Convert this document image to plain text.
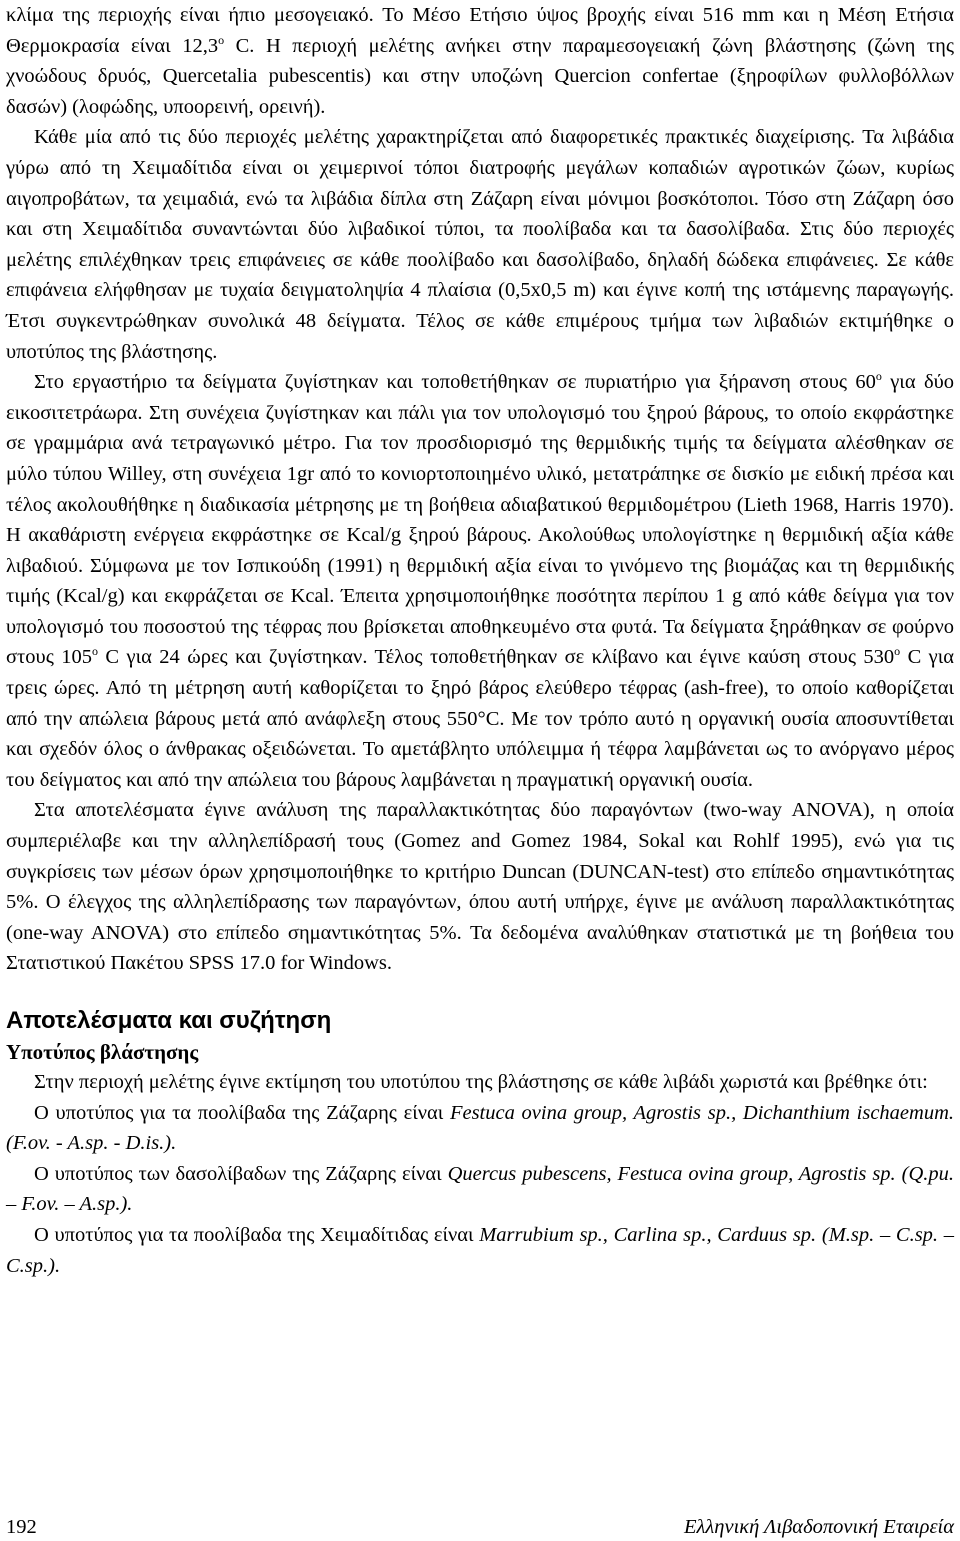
κλίμα της περιοχής είναι ήπιο μεσογειακό. Το Μέσο Ετήσιο ύψος βροχής είναι 516 mm και η Μέση Ετήσια Θερμοκρασία είναι $12,3^o$ C. Η περιοχή μελέτης ανήκει στην παραμεσογειακή ζώνη βλάστησης (ζώνη της χνοώδους δρυός, Quercetalia pubescentis) και στην υποζώνη Quercion confertae (ξηροφίλων φυλλοβόλλων δασών) (λοφώδης, υποορεινή, ορεινή).

Κάθε μία από τις δύο περιοχές μελέτης χαρακτηρίζεται από διαφορετικές πρακτικές διαχείρισης. Τα λιβάδια γύρω από τη Χειμαδίτιδα είναι οι χειμερινοί τόποι διατροφής μεγάλων κοπαδιών αγροτικών ζώων, κυρίως αιγοπροβάτων, τα χειμαδιά, ενώ τα λιβάδια δίπλα στη Ζάζαρη είναι μόνιμοι βοσκότοποι. Τόσο στη Ζάζαρη όσο και στη Χειμαδίτιδα συναντώνται δύο λιβαδικοί τύποι, τα ποολίβαδα και τα δασολίβαδα. Στις δύο περιοχές μελέτης επιλέχθηκαν τρεις επιφάνειες σε κάθε ποολίβαδο και δασολίβαδο, δηλαδή δώδεκα επιφάνειες. Σε κάθε επιφάνεια ελήφθησαν με τυχαία δειγματοληψία 4 πλαίσια (0,5x0,5 m) και έγινε κοπή της ιστάμενης παραγωγής. Έτσι συγκεντρώθηκαν συνολικά 48 δείγματα. Τέλος σε κάθε επιμέρους τμήμα των λιβαδιών εκτιμήθηκε ο υποτύπος της βλάστησης.

Στο εργαστήριο τα δείγματα ζυγίστηκαν και τοποθετήθηκαν σε πυριατήριο για ξήρανση στους $60^o$ για δύο εικοσιτετράωρα. Στη συνέχεια ζυγίστηκαν και πάλι για τον υπολογισμό του ξηρού βάρους, το οποίο εκφράστηκε σε γραμμάρια ανά τετραγωνικό μέτρο. Για τον προσδιορισμό της θερμιδικής τιμής τα δείγματα αλέσθηκαν σε μύλο τύπου Willey, στη συνέχεια 1gr από το κονιορτοποιημένο υλικό, μετατράπηκε σε δισκίο με ειδική πρέσα και τέλος ακολουθήθηκε η διαδικασία μέτρησης με τη βοήθεια αδιαβατικού θερμιδομέτρου (Lieth 1968, Harris 1970). Η ακαθάριστη ενέργεια εκφράστηκε σε Kcal/g ξηρού βάρους. Ακολούθως υπολογίστηκε η θερμιδική αξία κάθε λιβαδιού. Σύμφωνα με τον Ισπικούδη (1991) η θερμιδική αξία είναι το γινόμενο της βιομάζας και τη θερμιδικής τιμής (Kcal/g) και εκφράζεται σε Kcal. Έπειτα χρησιμοποιήθηκε ποσότητα περίπου 1 g από κάθε δείγμα για τον υπολογισμό του ποσοστού της τέφρας που βρίσκεται αποθηκευμένο στα φυτά. Τα δείγματα ξηράθηκαν σε φούρνο στους $105^o$ C για 24 ώρες και ζυγίστηκαν. Τέλος τοποθετήθηκαν σε κλίβανο και έγινε καύση στους $530^o$ C για τρεις ώρες. Από τη μέτρηση αυτή καθορίζεται το ξηρό βάρος ελεύθερο τέφρας (ash-free), το οποίο καθορίζεται από την απώλεια βάρους μετά από ανάφλεξη στους 550°C. Με τον τρόπο αυτό η οργανική ουσία αποσυντίθεται και σχεδόν όλος ο άνθρακας οξειδώνεται. Το αμετάβλητο υπόλειμμα ή τέφρα λαμβάνεται ως το ανόργανο μέρος του δείγματος και από την απώλεια του βάρους λαμβάνεται η πραγματική οργανική ουσία.

Στα αποτελέσματα έγινε ανάλυση της παραλλακτικότητας δύο παραγόντων (two-way ANOVA), η οποία συμπεριέλαβε και την αλληλεπίδρασή τους (Gomez and Gomez 1984, Sokal και Rohlf 1995), ενώ για τις συγκρίσεις των μέσων όρων χρησιμοποιήθηκε το κριτήριο Duncan (DUNCAN-test) στο επίπεδο σημαντικότητας 5%. Ο έλεγχος της αλληλεπίδρασης των παραγόντων, όπου αυτή υπήρχε, έγινε με ανάλυση παραλλακτικότητας (one-way ANOVA) στο επίπεδο σημαντικότητας 5%. Τα δεδομένα αναλύθηκαν στατιστικά με τη βοήθεια του Στατιστικού Πακέτου SPSS 17.0 for Windows.

Αποτελέσματα και συζήτηση
Υποτύπος βλάστησης

Στην περιοχή μελέτης έγινε εκτίμηση του υποτύπου της βλάστησης σε κάθε λιβάδι χωριστά και βρέθηκε ότι:

Ο υποτύπος για τα ποολίβαδα της Ζάζαρης είναι Festuca ovina group, Agrostis sp., Dichanthium ischaemum. (F.ov. - A.sp. - D.is.).

Ο υποτύπος των δασολίβαδων της Ζάζαρης είναι Quercus pubescens, Festuca ovina group, Agrostis sp. (Q.pu. – F.ov. – A.sp.).

Ο υποτύπος για τα ποολίβαδα της Χειμαδίτιδας είναι Marrubium sp., Carlina sp., Carduus sp. (M.sp. – C.sp. –C.sp.).

192	Ελληνική Λιβαδοπονική Εταιρεία
